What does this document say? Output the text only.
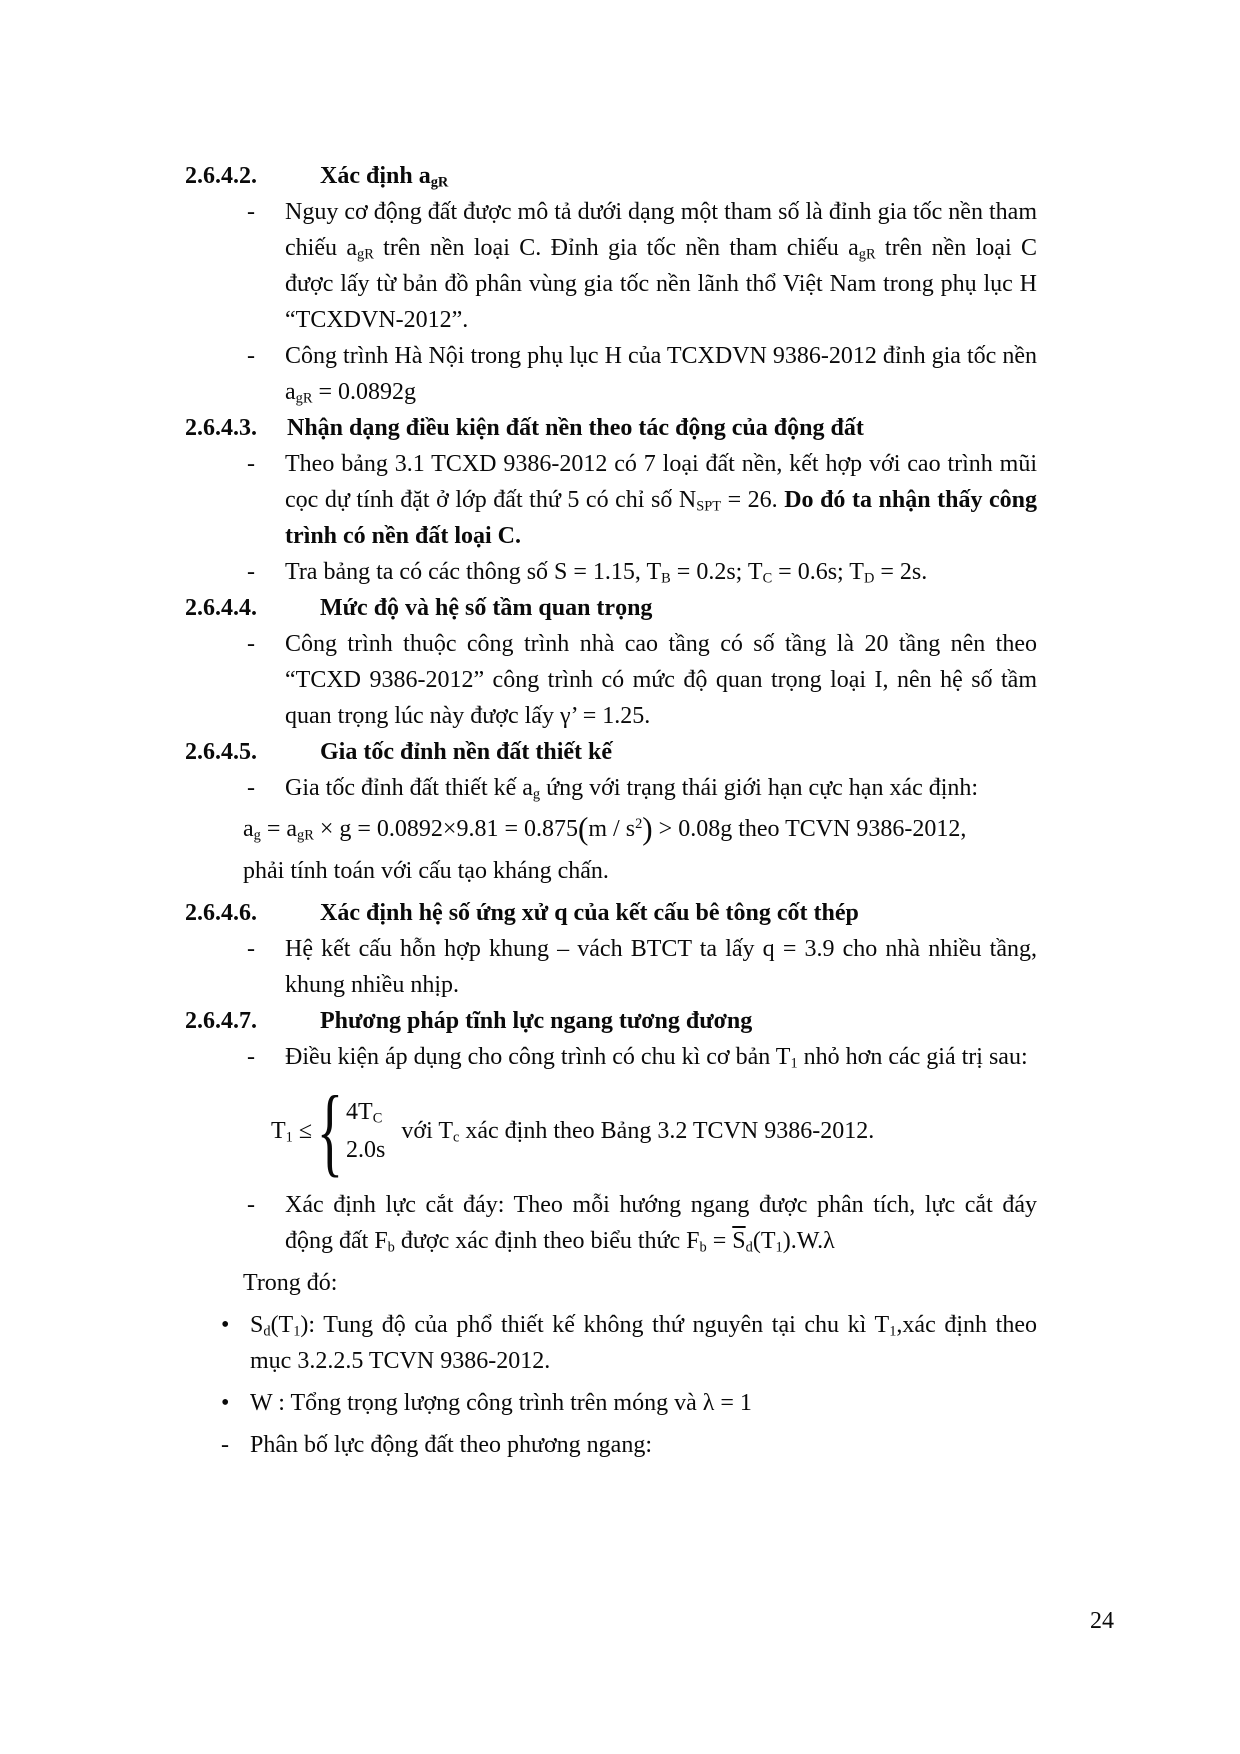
2.6.4.2.	Xác định $a_{gR}$
-	Nguy cơ động đất được mô tả dưới dạng một tham số là đỉnh gia tốc nền tham chiếu $a_{gR}$ trên nền loại C. Đỉnh gia tốc nền tham chiếu $a_{gR}$ trên nền loại C được lấy từ bản đồ phân vùng gia tốc nền lãnh thổ Việt Nam trong phụ lục H “TCXDVN-2012”.
-	Công trình Hà Nội trong phụ lục H của TCXDVN 9386-2012 đỉnh gia tốc nền $a_{gR} = 0.0892g$
2.6.4.3.	Nhận dạng điều kiện đất nền theo tác động của động đất
-	Theo bảng 3.1 TCXD 9386-2012 có 7 loại đất nền, kết hợp với cao trình mũi cọc dự tính đặt ở lớp đất thứ 5 có chỉ số $N_{SPT} = 26$. Do đó ta nhận thấy công trình có nền đất loại C.
-	Tra bảng ta có các thông số S = 1.15, $T_B = 0.2s$; $T_C = 0.6s$; $T_D = 2s$.
2.6.4.4.	Mức độ và hệ số tầm quan trọng
-	Công trình thuộc công trình nhà cao tầng có số tầng là 20 tầng nên theo “TCXD 9386-2012” công trình có mức độ quan trọng loại I, nên hệ số tầm quan trọng lúc này được lấy γ’ = 1.25.
2.6.4.5.	Gia tốc đỉnh nền đất thiết kế
-	Gia tốc đỉnh đất thiết kế $a_g$ ứng với trạng thái giới hạn cực hạn xác định:
$a_g = a_{gR} \times g = 0.0892\times 9.81 = 0.875(m / s^2) > 0.08g$ theo TCVN 9386-2012,
phải tính toán với cấu tạo kháng chấn.
2.6.4.6.	Xác định hệ số ứng xử q của kết cấu bê tông cốt thép
-	Hệ kết cấu hỗn hợp khung – vách BTCT ta lấy q = 3.9 cho nhà nhiều tầng, khung nhiều nhịp.
2.6.4.7.	Phương pháp tĩnh lực ngang tương đương
-	Điều kiện áp dụng cho công trình có chu kì cơ bản $T_1$ nhỏ hơn các giá trị sau:
$T_1$ ≤ { $4T_C$
2.0s
với $T_c$ xác định theo Bảng 3.2 TCVN 9386-2012.
-	Xác định lực cắt đáy: Theo mỗi hướng ngang được phân tích, lực cắt đáy động đất $F_b$ được xác định theo biểu thức $F_b = \overline{S}_d(T_1).W.\lambda$
Trong đó:
• $S_d(T_1)$: Tung độ của phổ thiết kế không thứ nguyên tại chu kì $T_1,xác$ định theo mục 3.2.2.5 TCVN 9386-2012.
• W : Tổng trọng lượng công trình trên móng và λ = 1
- Phân bố lực động đất theo phương ngang:
24
